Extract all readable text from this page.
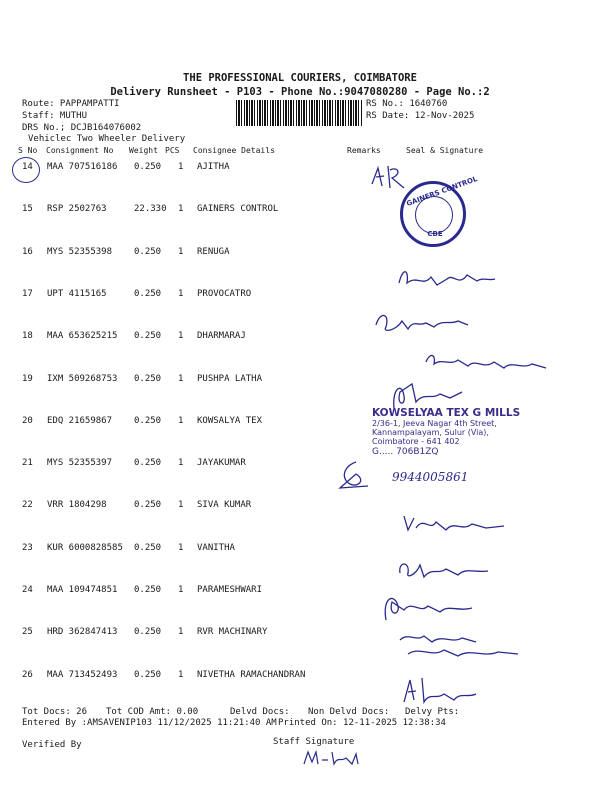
THE PROFESSIONAL COURIERS, COIMBATORE
Delivery Runsheet - P103 - Phone No.:9047080280 - Page No.:2
Route: PAPPAMPATTI
Staff: MUTHU
DRS No.; DCJB164076002
Vehiclec Two Wheeler Delivery
RS No.: 1640760
RS Date: 12-Nov-2025
S No Consignment No Weight PCS Consignee Details	Remarks	Seal & Signature
14 MAA 707516186 0.250 1 AJITHA
15 RSP 2502763	22.330 1 GAINERS CONTROL
16 MYS 52355398 0.250 1 RENUGA
17 UPT 4115165	0.250 1 PROVOCATRO
18 MAA 653625215 0.250 1 DHARMARAJ
19 IXM 509268753 0.250 1 PUSHPA LATHA
20 EDQ 21659867 0.250 1 KOWSALYA TEX
21 MYS 52355397 0.250 1 JAYAKUMAR
22 VRR 1804298	0.250 1 SIVA KUMAR
23 KUR 6000828585 0.250 1 VANITHA
24 MAA 109474851 0.250 1 PARAMESHWARI
25 HRD 362847413 0.250 1 RVR MACHINARY
26 MAA 713452493 0.250 1 NIVETHA RAMACHANDRAN
GAINERS CONTROL
CBE
KOWSELYAA TEX G MILLS
2/36-1, Jeeva Nagar 4th Street,
Kannampalayam, Sulur (Via),
Coimbatore - 641 402
G..... 706B1ZQ
9944005861
Tot Docs: 26 Tot COD Amt: 0.00	Delvd Docs: Non Delvd Docs: Delvy Pts:
Entered By :AMSAVENIP103 11/12/2025 11:21:40 AM Printed On: 12-11-2025 12:38:34
Verified By	Staff Signature
